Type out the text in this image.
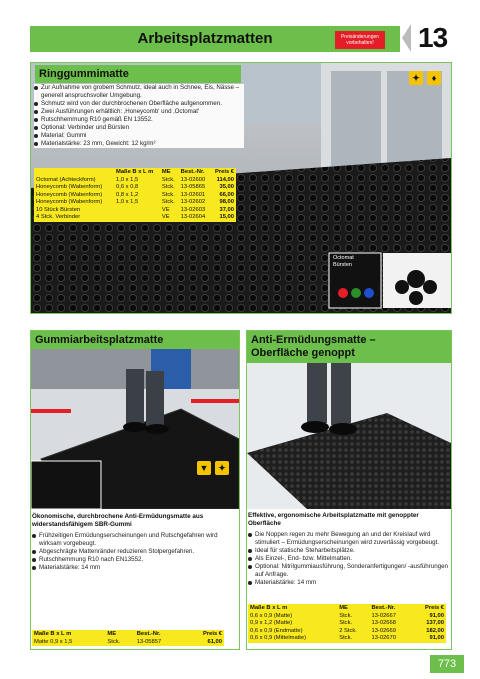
Arbeitsplatzmatten	Preisänderungen vorbehalten!	13
Ringgummimatte	✦	♦
Octomat
Bürsten
Zur Aufnahme von grobem Schmutz, ideal auch in Schnee, Eis, Nässe – generell anspruchsvoller Umgebung.
Schmutz wird von der durchbrochenen Oberfläche aufgenommen.
Zwei Ausführungen erhältlich: ‚Honeycomb' und ‚Octomat'
Rutschhemmung R10 gemäß EN 13552.
Optional: Verbinder und Bürsten
Material: Gummi
Materialstärke: 23 mm, Gewicht: 12 kg/m²
	Maße B x L m	ME	Best.-Nr.	Preis €
Octomat (Achteckform)	1,0 x 1,5	Stck.	13-02600	114,00
Honeycomb (Wabenform)	0,6 x 0,8	Stck.	13-05865	35,00
Honeycomb (Wabenform)	0,8 x 1,2	Stck.	13-02601	66,00
Honeycomb (Wabenform)	1,0 x 1,5	Stck.	13-02602	98,00
10 Stück Bürsten		VE	13-02603	37,00
4 Stck. Verbinder		VE	13-02604	15,00
Gummiarbeitsplatzmatte
▼	✦
Ökonomische, durchbrochene Anti-Ermüdungsmatte aus widerstandsfähigem SBR-Gummi
Frühzeitigen Ermüdungserscheinungen und Rutschgefahren wird wirksam vorgebeugt.
Abgeschrägte Mattenränder reduzieren Stolpergefahren.
Rutschhemmung R10 nach EN13552.
Materialstärke: 14 mm
Maße B x L m	ME	Best.-Nr.	Preis €
Matte 0,9 x 1,5	Stck.	13-05857	61,00
Anti-Ermüdungsmatte –
Oberfläche genoppt
Effektive, ergonomische Arbeitsplatzmatte mit genoppter Oberfläche
Die Noppen regen zu mehr Bewegung an und der Kreislauf wird stimuliert – Ermüdungserscheinungen wird zuverlässig vorgebeugt.
Ideal für statische Steharbeitsplätze.
Als Einzel-, End- bzw. Mittelmatten.
Optional: Nitrilgummiausführung, Sonderanfertigungen/ -ausführungen auf Anfrage.
Materialstärke: 14 mm
Maße B x L m	ME	Best.-Nr.	Preis €
0,6 x 0,9 (Matte)	Stck.	13-02667	91,00
0,9 x 1,2 (Matte)	Stck.	13-02668	137,00
0,6 x 0,9 (Endmatte)	2 Stck.	13-02669	182,00
0,6 x 0,9 (Mittelmatte)	Stck.	13-02670	91,00
773
